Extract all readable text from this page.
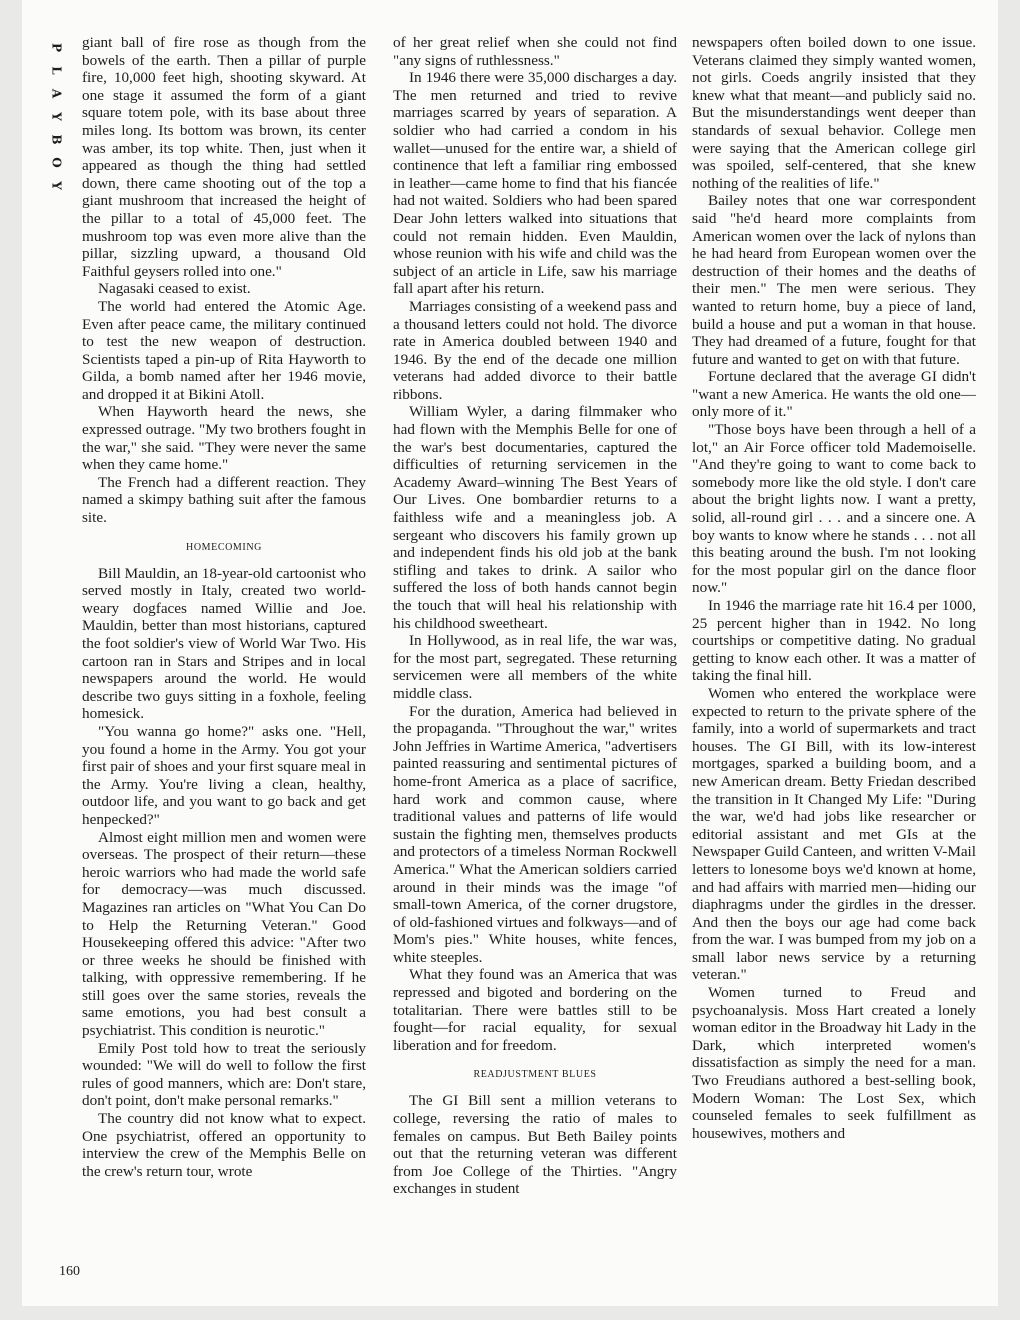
P
L
A
Y
B
O
Y

giant ball of fire rose as though from the bowels of the earth. Then a pillar of purple fire, 10,000 feet high, shooting skyward. At one stage it assumed the form of a giant square totem pole, with its base about three miles long. Its bottom was brown, its center was amber, its top white. Then, just when it appeared as though the thing had settled down, there came shooting out of the top a giant mushroom that increased the height of the pillar to a total of 45,000 feet. The mushroom top was even more alive than the pillar, sizzling upward, a thousand Old Faithful geysers rolled into one."

Nagasaki ceased to exist.

The world had entered the Atomic Age. Even after peace came, the military continued to test the new weapon of destruction. Scientists taped a pin-up of Rita Hayworth to Gilda, a bomb named after her 1946 movie, and dropped it at Bikini Atoll.

When Hayworth heard the news, she expressed outrage. "My two brothers fought in the war," she said. "They were never the same when they came home."

The French had a different reaction. They named a skimpy bathing suit after the famous site.

HOMECOMING

Bill Mauldin, an 18-year-old cartoonist who served mostly in Italy, created two world-weary dogfaces named Willie and Joe. Mauldin, better than most historians, captured the foot soldier's view of World War Two. His cartoon ran in Stars and Stripes and in local newspapers around the world. He would describe two guys sitting in a foxhole, feeling homesick.

"You wanna go home?" asks one. "Hell, you found a home in the Army. You got your first pair of shoes and your first square meal in the Army. You're living a clean, healthy, outdoor life, and you want to go back and get henpecked?"

Almost eight million men and women were overseas. The prospect of their return—these heroic warriors who had made the world safe for democracy—was much discussed. Magazines ran articles on "What You Can Do to Help the Returning Veteran." Good Housekeeping offered this advice: "After two or three weeks he should be finished with talking, with oppressive remembering. If he still goes over the same stories, reveals the same emotions, you had best consult a psychiatrist. This condition is neurotic."

Emily Post told how to treat the seriously wounded: "We will do well to follow the first rules of good manners, which are: Don't stare, don't point, don't make personal remarks."

The country did not know what to expect. One psychiatrist, offered an opportunity to interview the crew of the Memphis Belle on the crew's return tour, wrote

of her great relief when she could not find "any signs of ruthlessness."

In 1946 there were 35,000 discharges a day. The men returned and tried to revive marriages scarred by years of separation. A soldier who had carried a condom in his wallet—unused for the entire war, a shield of continence that left a familiar ring embossed in leather—came home to find that his fiancée had not waited. Soldiers who had been spared Dear John letters walked into situations that could not remain hidden. Even Mauldin, whose reunion with his wife and child was the subject of an article in Life, saw his marriage fall apart after his return.

Marriages consisting of a weekend pass and a thousand letters could not hold. The divorce rate in America doubled between 1940 and 1946. By the end of the decade one million veterans had added divorce to their battle ribbons.

William Wyler, a daring filmmaker who had flown with the Memphis Belle for one of the war's best documentaries, captured the difficulties of returning servicemen in the Academy Award–winning The Best Years of Our Lives. One bombardier returns to a faithless wife and a meaningless job. A sergeant who discovers his family grown up and independent finds his old job at the bank stifling and takes to drink. A sailor who suffered the loss of both hands cannot begin the touch that will heal his relationship with his childhood sweetheart.

In Hollywood, as in real life, the war was, for the most part, segregated. These returning servicemen were all members of the white middle class.

For the duration, America had believed in the propaganda. "Throughout the war," writes John Jeffries in Wartime America, "advertisers painted reassuring and sentimental pictures of home-front America as a place of sacrifice, hard work and common cause, where traditional values and patterns of life would sustain the fighting men, themselves products and protectors of a timeless Norman Rockwell America." What the American soldiers carried around in their minds was the image "of small-town America, of the corner drugstore, of old-fashioned virtues and folkways—and of Mom's pies." White houses, white fences, white steeples.

What they found was an America that was repressed and bigoted and bordering on the totalitarian. There were battles still to be fought—for racial equality, for sexual liberation and for freedom.

READJUSTMENT BLUES

The GI Bill sent a million veterans to college, reversing the ratio of males to females on campus. But Beth Bailey points out that the returning veteran was different from Joe College of the Thirties. "Angry exchanges in student

newspapers often boiled down to one issue. Veterans claimed they simply wanted women, not girls. Coeds angrily insisted that they knew what that meant—and publicly said no. But the misunderstandings went deeper than standards of sexual behavior. College men were saying that the American college girl was spoiled, self-centered, that she knew nothing of the realities of life."

Bailey notes that one war correspondent said "he'd heard more complaints from American women over the lack of nylons than he had heard from European women over the destruction of their homes and the deaths of their men." The men were serious. They wanted to return home, buy a piece of land, build a house and put a woman in that house. They had dreamed of a future, fought for that future and wanted to get on with that future.

Fortune declared that the average GI didn't "want a new America. He wants the old one—only more of it."

"Those boys have been through a hell of a lot," an Air Force officer told Mademoiselle. "And they're going to want to come back to somebody more like the old style. I don't care about the bright lights now. I want a pretty, solid, all-round girl . . . and a sincere one. A boy wants to know where he stands . . . not all this beating around the bush. I'm not looking for the most popular girl on the dance floor now."

In 1946 the marriage rate hit 16.4 per 1000, 25 percent higher than in 1942. No long courtships or competitive dating. No gradual getting to know each other. It was a matter of taking the final hill.

Women who entered the workplace were expected to return to the private sphere of the family, into a world of supermarkets and tract houses. The GI Bill, with its low-interest mortgages, sparked a building boom, and a new American dream. Betty Friedan described the transition in It Changed My Life: "During the war, we'd had jobs like researcher or editorial assistant and met GIs at the Newspaper Guild Canteen, and written V-Mail letters to lonesome boys we'd known at home, and had affairs with married men—hiding our diaphragms under the girdles in the dresser. And then the boys our age had come back from the war. I was bumped from my job on a small labor news service by a returning veteran."

Women turned to Freud and psychoanalysis. Moss Hart created a lonely woman editor in the Broadway hit Lady in the Dark, which interpreted women's dissatisfaction as simply the need for a man. Two Freudians authored a best-selling book, Modern Woman: The Lost Sex, which counseled females to seek fulfillment as housewives, mothers and

160
